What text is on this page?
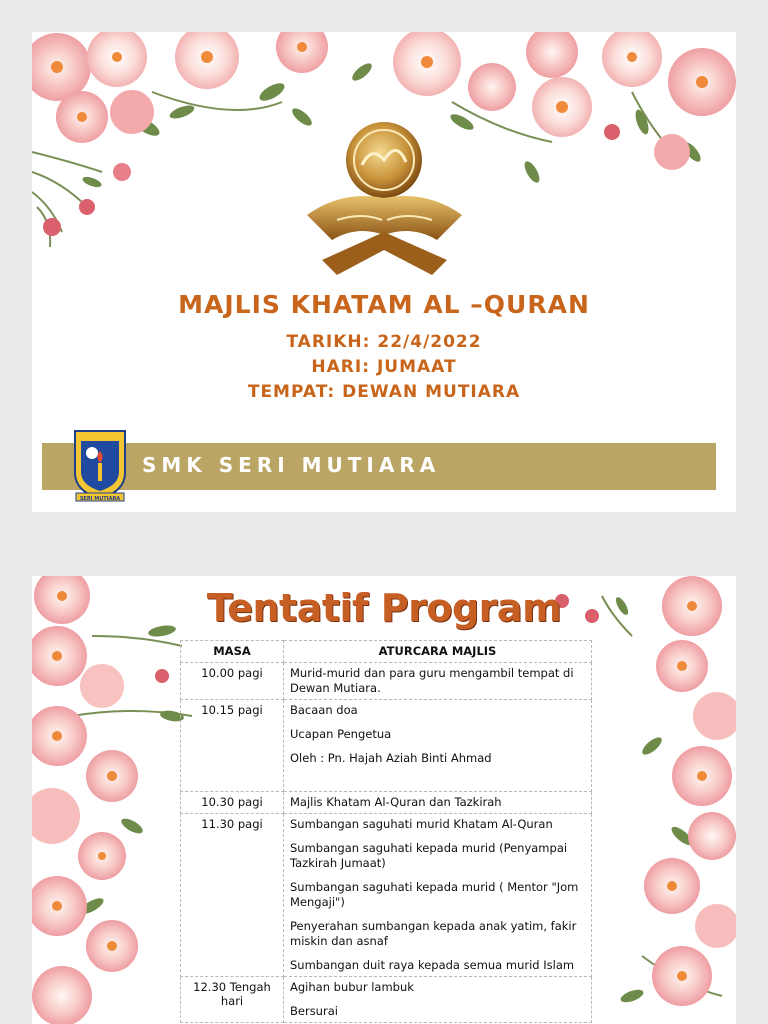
MAJLIS KHATAM AL –QURAN
TARIKH: 22/4/2022
HARI: JUMAAT
TEMPAT: DEWAN MUTIARA
SMK SERI MUTIARA
SERI MUTIARA
Tentatif Program
MASA	ATURCARA MAJLIS
10.00 pagi	Murid-murid dan para guru mengambil tempat di Dewan Mutiara.

10.15 pagi	Bacaan doa
Ucapan Pengetua
Oleh : Pn. Hajah Aziah Binti Ahmad

10.30 pagi	Majlis Khatam Al-Quran dan Tazkirah

11.30 pagi	Sumbangan saguhati murid Khatam Al-Quran
Sumbangan saguhati kepada murid (Penyampai Tazkirah Jumaat)
Sumbangan saguhati kepada murid ( Mentor "Jom Mengaji")
Penyerahan sumbangan kepada anak yatim, fakir miskin dan asnaf
Sumbangan duit raya kepada semua murid Islam

12.30 Tengah hari	Agihan bubur lambuk
Bersurai
